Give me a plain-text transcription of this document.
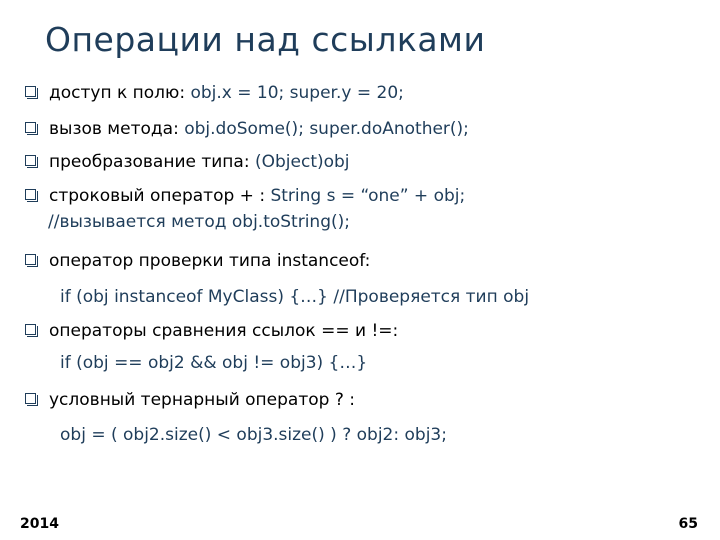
Операции над ссылками
доступ к полю: obj.x = 10; super.y = 20;
вызов метода: obj.doSome(); super.doAnother();
преобразование типа: (Object)obj
строковый оператор + : String s = “one” + obj;
//вызывается метод obj.toString();
оператор проверки типа instanceof:
if (obj instanceof MyClass) {…} //Проверяется тип obj
операторы сравнения ссылок == и !=:
if (obj == obj2 && obj != obj3) {…}
условный тернарный оператор ? :
obj = ( obj2.size() < obj3.size() ) ? obj2: obj3;
2014	65
